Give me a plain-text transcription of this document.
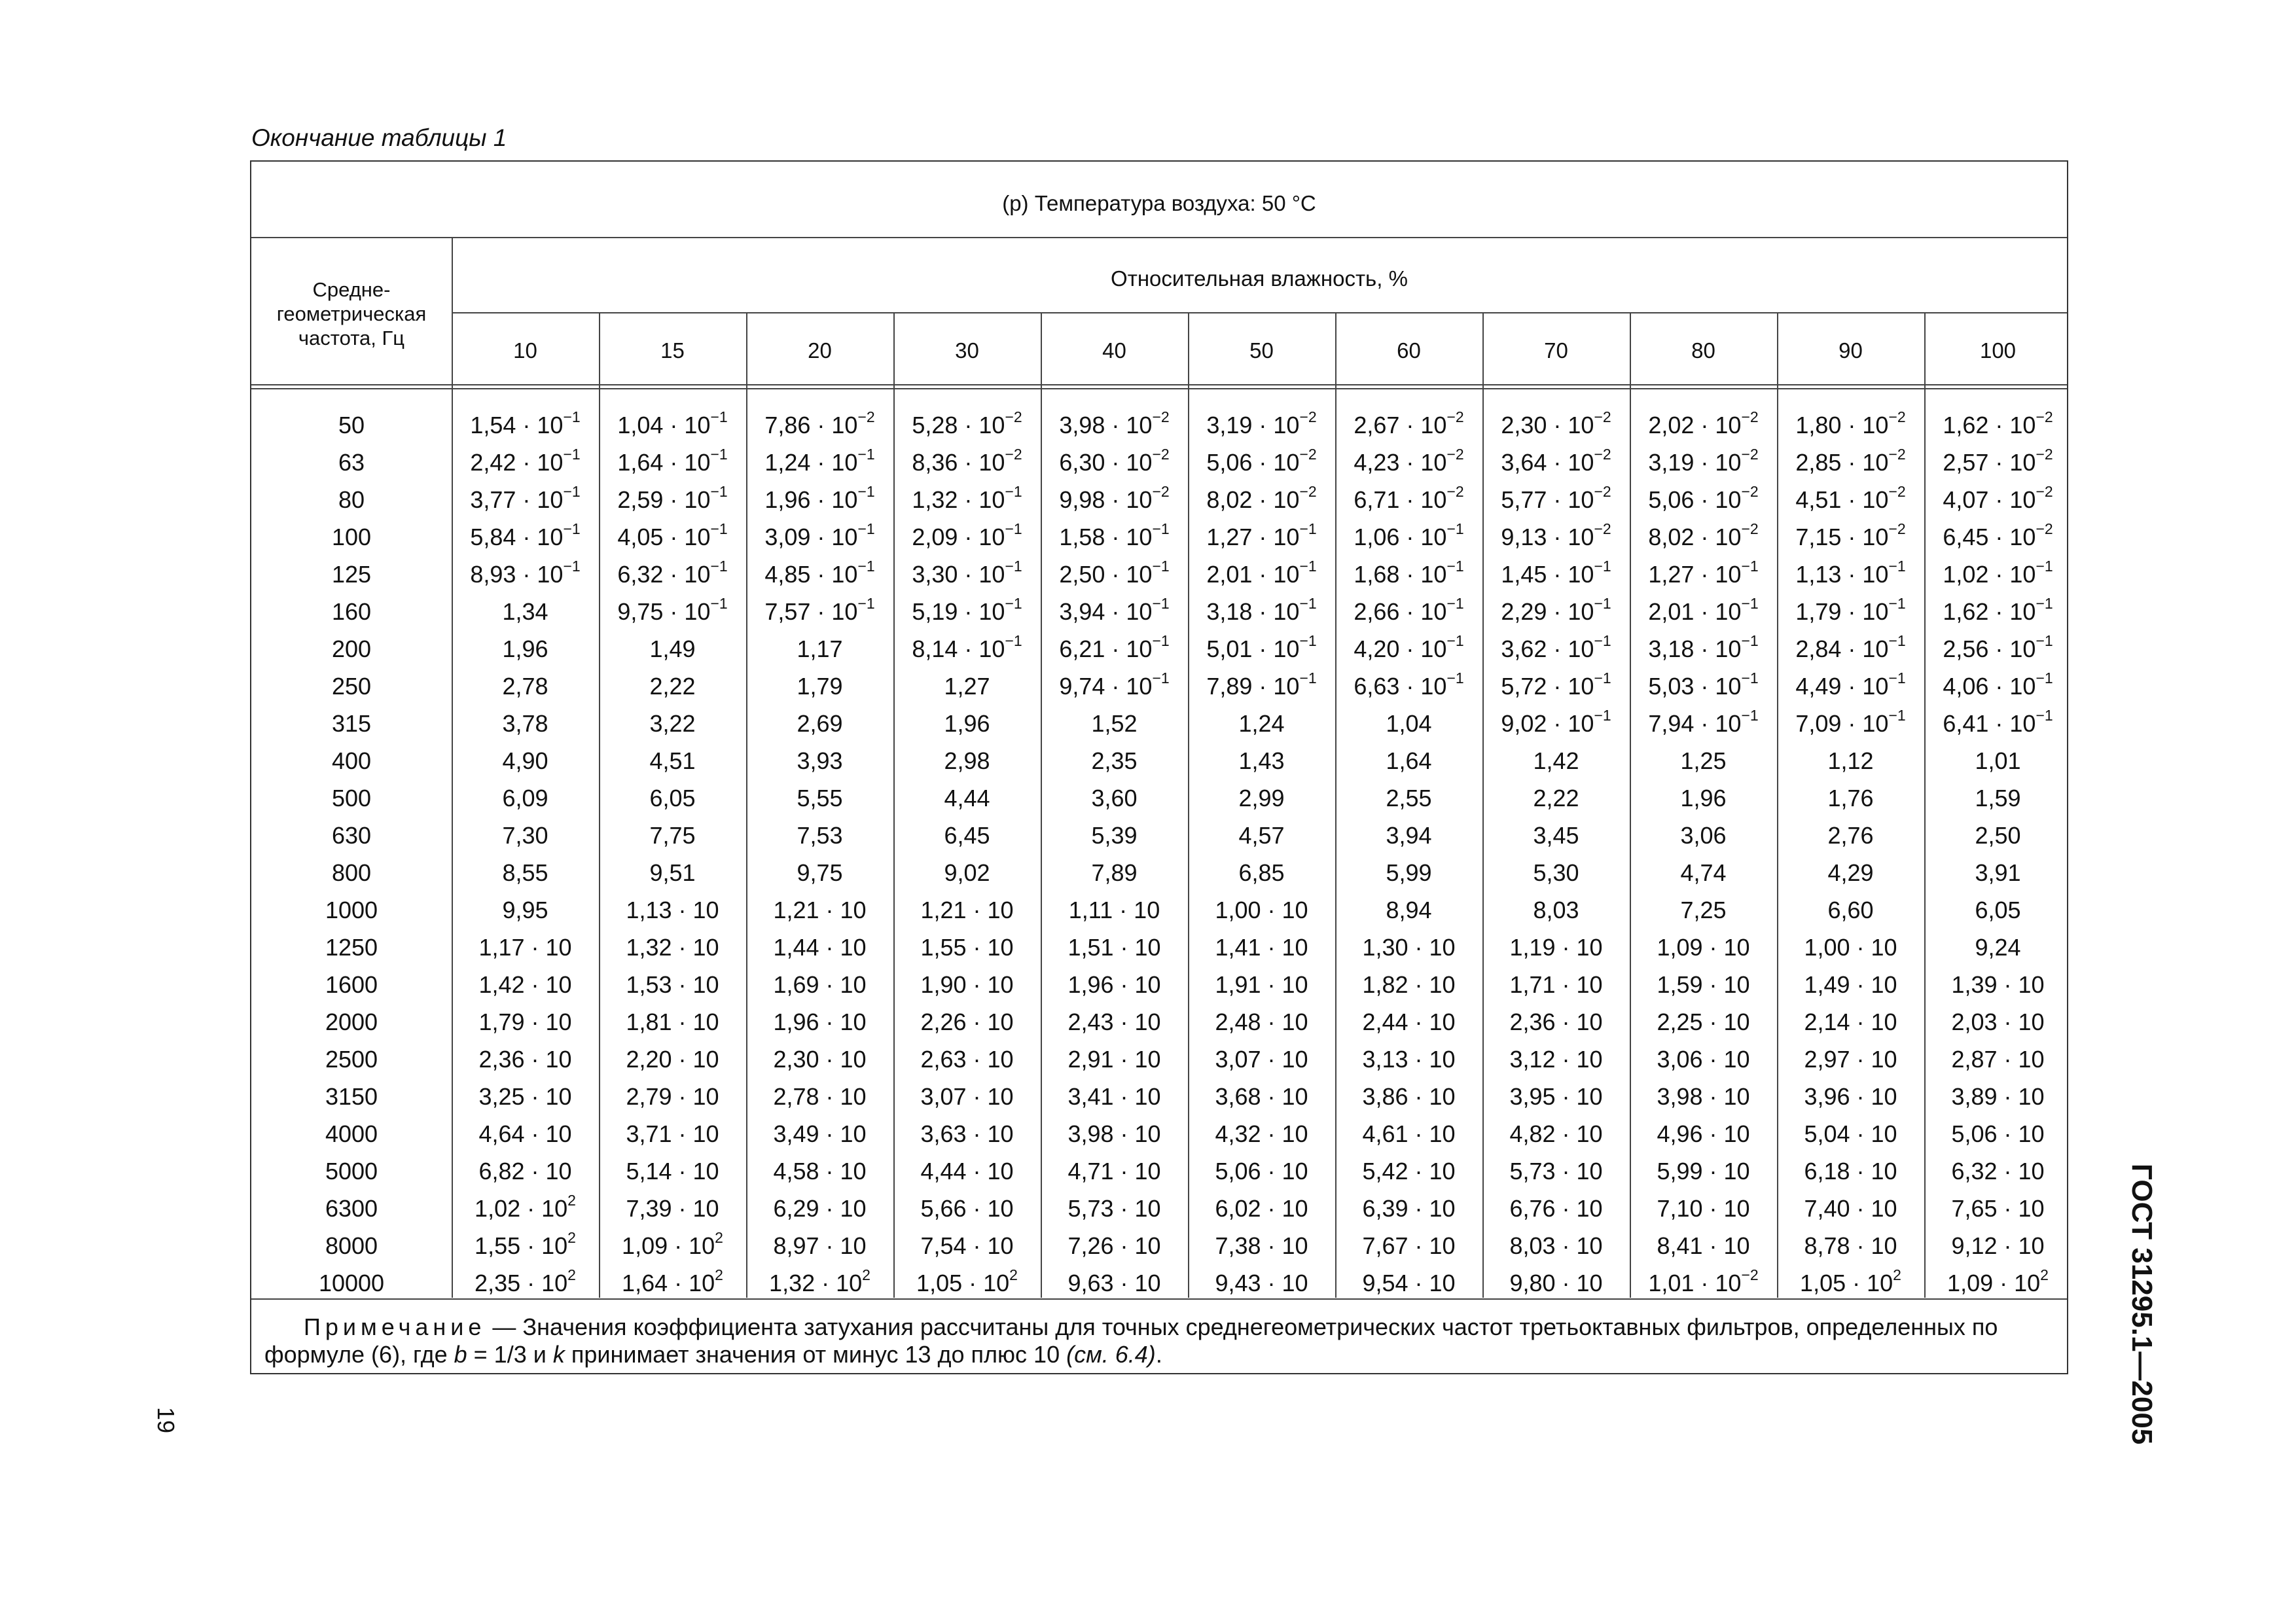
Окончание таблицы 1
(р) Температура воздуха: 50 °С
Средне-
геометрическая
частота, Гц
Относительная влажность, %
10	15	20	30	40	50	60	70	80	90	100
50	$1,54 \cdot 10^{-1}$	$1,04 \cdot 10^{-1}$	$7,86 \cdot 10^{-2}$	$5,28 \cdot 10^{-2}$	$3,98 \cdot 10^{-2}$	$3,19 \cdot 10^{-2}$	$2,67 \cdot 10^{-2}$	$2,30 \cdot 10^{-2}$	$2,02 \cdot 10^{-2}$	$1,80 \cdot 10^{-2}$	$1,62 \cdot 10^{-2}$
63	$2,42 \cdot 10^{-1}$	$1,64 \cdot 10^{-1}$	$1,24 \cdot 10^{-1}$	$8,36 \cdot 10^{-2}$	$6,30 \cdot 10^{-2}$	$5,06 \cdot 10^{-2}$	$4,23 \cdot 10^{-2}$	$3,64 \cdot 10^{-2}$	$3,19 \cdot 10^{-2}$	$2,85 \cdot 10^{-2}$	$2,57 \cdot 10^{-2}$
80	$3,77 \cdot 10^{-1}$	$2,59 \cdot 10^{-1}$	$1,96 \cdot 10^{-1}$	$1,32 \cdot 10^{-1}$	$9,98 \cdot 10^{-2}$	$8,02 \cdot 10^{-2}$	$6,71 \cdot 10^{-2}$	$5,77 \cdot 10^{-2}$	$5,06 \cdot 10^{-2}$	$4,51 \cdot 10^{-2}$	$4,07 \cdot 10^{-2}$
100	$5,84 \cdot 10^{-1}$	$4,05 \cdot 10^{-1}$	$3,09 \cdot 10^{-1}$	$2,09 \cdot 10^{-1}$	$1,58 \cdot 10^{-1}$	$1,27 \cdot 10^{-1}$	$1,06 \cdot 10^{-1}$	$9,13 \cdot 10^{-2}$	$8,02 \cdot 10^{-2}$	$7,15 \cdot 10^{-2}$	$6,45 \cdot 10^{-2}$
125	$8,93 \cdot 10^{-1}$	$6,32 \cdot 10^{-1}$	$4,85 \cdot 10^{-1}$	$3,30 \cdot 10^{-1}$	$2,50 \cdot 10^{-1}$	$2,01 \cdot 10^{-1}$	$1,68 \cdot 10^{-1}$	$1,45 \cdot 10^{-1}$	$1,27 \cdot 10^{-1}$	$1,13 \cdot 10^{-1}$	$1,02 \cdot 10^{-1}$
160	1,34	$9,75 \cdot 10^{-1}$	$7,57 \cdot 10^{-1}$	$5,19 \cdot 10^{-1}$	$3,94 \cdot 10^{-1}$	$3,18 \cdot 10^{-1}$	$2,66 \cdot 10^{-1}$	$2,29 \cdot 10^{-1}$	$2,01 \cdot 10^{-1}$	$1,79 \cdot 10^{-1}$	$1,62 \cdot 10^{-1}$
200	1,96	1,49	1,17	$8,14 \cdot 10^{-1}$	$6,21 \cdot 10^{-1}$	$5,01 \cdot 10^{-1}$	$4,20 \cdot 10^{-1}$	$3,62 \cdot 10^{-1}$	$3,18 \cdot 10^{-1}$	$2,84 \cdot 10^{-1}$	$2,56 \cdot 10^{-1}$
250	2,78	2,22	1,79	1,27	$9,74 \cdot 10^{-1}$	$7,89 \cdot 10^{-1}$	$6,63 \cdot 10^{-1}$	$5,72 \cdot 10^{-1}$	$5,03 \cdot 10^{-1}$	$4,49 \cdot 10^{-1}$	$4,06 \cdot 10^{-1}$
315	3,78	3,22	2,69	1,96	1,52	1,24	1,04	$9,02 \cdot 10^{-1}$	$7,94 \cdot 10^{-1}$	$7,09 \cdot 10^{-1}$	$6,41 \cdot 10^{-1}$
400	4,90	4,51	3,93	2,98	2,35	1,43	1,64	1,42	1,25	1,12	1,01
500	6,09	6,05	5,55	4,44	3,60	2,99	2,55	2,22	1,96	1,76	1,59
630	7,30	7,75	7,53	6,45	5,39	4,57	3,94	3,45	3,06	2,76	2,50
800	8,55	9,51	9,75	9,02	7,89	6,85	5,99	5,30	4,74	4,29	3,91
1000	9,95	1,13 · 10	1,21 · 10	1,21 · 10	1,11 · 10	1,00 · 10	8,94	8,03	7,25	6,60	6,05
1250	1,17 · 10	1,32 · 10	1,44 · 10	1,55 · 10	1,51 · 10	1,41 · 10	1,30 · 10	1,19 · 10	1,09 · 10	1,00 · 10	9,24
1600	1,42 · 10	1,53 · 10	1,69 · 10	1,90 · 10	1,96 · 10	1,91 · 10	1,82 · 10	1,71 · 10	1,59 · 10	1,49 · 10	1,39 · 10
2000	1,79 · 10	1,81 · 10	1,96 · 10	2,26 · 10	2,43 · 10	2,48 · 10	2,44 · 10	2,36 · 10	2,25 · 10	2,14 · 10	2,03 · 10
2500	2,36 · 10	2,20 · 10	2,30 · 10	2,63 · 10	2,91 · 10	3,07 · 10	3,13 · 10	3,12 · 10	3,06 · 10	2,97 · 10	2,87 · 10
3150	3,25 · 10	2,79 · 10	2,78 · 10	3,07 · 10	3,41 · 10	3,68 · 10	3,86 · 10	3,95 · 10	3,98 · 10	3,96 · 10	3,89 · 10
4000	4,64 · 10	3,71 · 10	3,49 · 10	3,63 · 10	3,98 · 10	4,32 · 10	4,61 · 10	4,82 · 10	4,96 · 10	5,04 · 10	5,06 · 10
5000	6,82 · 10	5,14 · 10	4,58 · 10	4,44 · 10	4,71 · 10	5,06 · 10	5,42 · 10	5,73 · 10	5,99 · 10	6,18 · 10	6,32 · 10
6300	$1,02 \cdot 10^2$	7,39 · 10	6,29 · 10	5,66 · 10	5,73 · 10	6,02 · 10	6,39 · 10	6,76 · 10	7,10 · 10	7,40 · 10	7,65 · 10
8000	$1,55 \cdot 10^2$	$1,09 \cdot 10^2$	8,97 · 10	7,54 · 10	7,26 · 10	7,38 · 10	7,67 · 10	8,03 · 10	8,41 · 10	8,78 · 10	9,12 · 10
10000	$2,35 \cdot 10^2$	$1,64 \cdot 10^2$	$1,32 \cdot 10^2$	$1,05 \cdot 10^2$	9,63 · 10	9,43 · 10	9,54 · 10	9,80 · 10	$1,01 \cdot 10^{-2}$	$1,05 \cdot 10^2$	$1,09 \cdot 10^2$
Примечание — Значения коэффициента затухания рассчитаны для точных среднегеометрических частот третьоктавных фильтров, определенных по формуле (6), где b = 1/3 и k принимает значения от минус 13 до плюс 10 (см. 6.4).
19	ГОСТ 31295.1—2005
